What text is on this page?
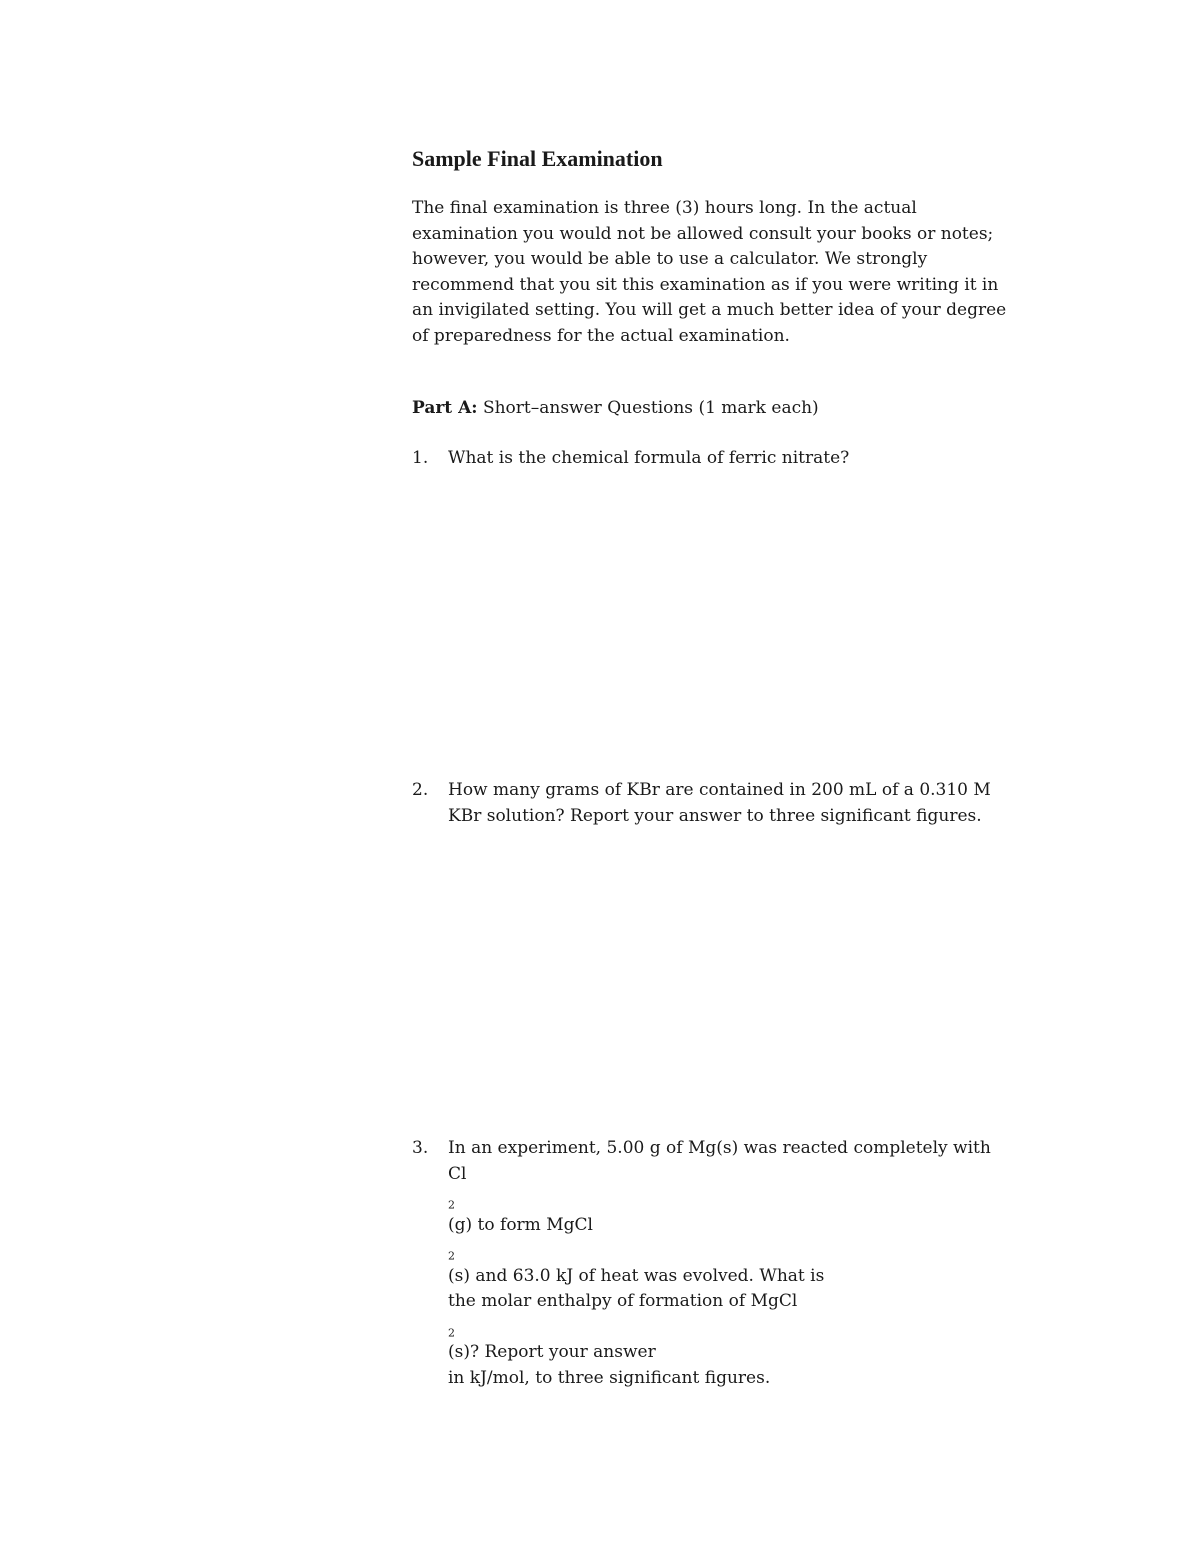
Sample Final Examination
The final examination is three (3) hours long. In the actual
examination you would not be allowed consult your books or notes;
however, you would be able to use a calculator. We strongly
recommend that you sit this examination as if you were writing it in
an invigilated setting. You will get a much better idea of your degree
of preparedness for the actual examination.
Part A: Short–answer Questions (1 mark each)
1. What is the chemical formula of ferric nitrate?
2. How many grams of KBr are contained in 200 mL of a 0.310 M
KBr solution? Report your answer to three significant figures.
3. In an experiment, 5.00 g of Mg(s) was reacted completely with
Cl
$_2$
(g) to form MgCl
$_2$
(s) and 63.0 kJ of heat was evolved. What is
the molar enthalpy of formation of MgCl
$_2$
(s)? Report your answer
in kJ/mol, to three significant figures.
